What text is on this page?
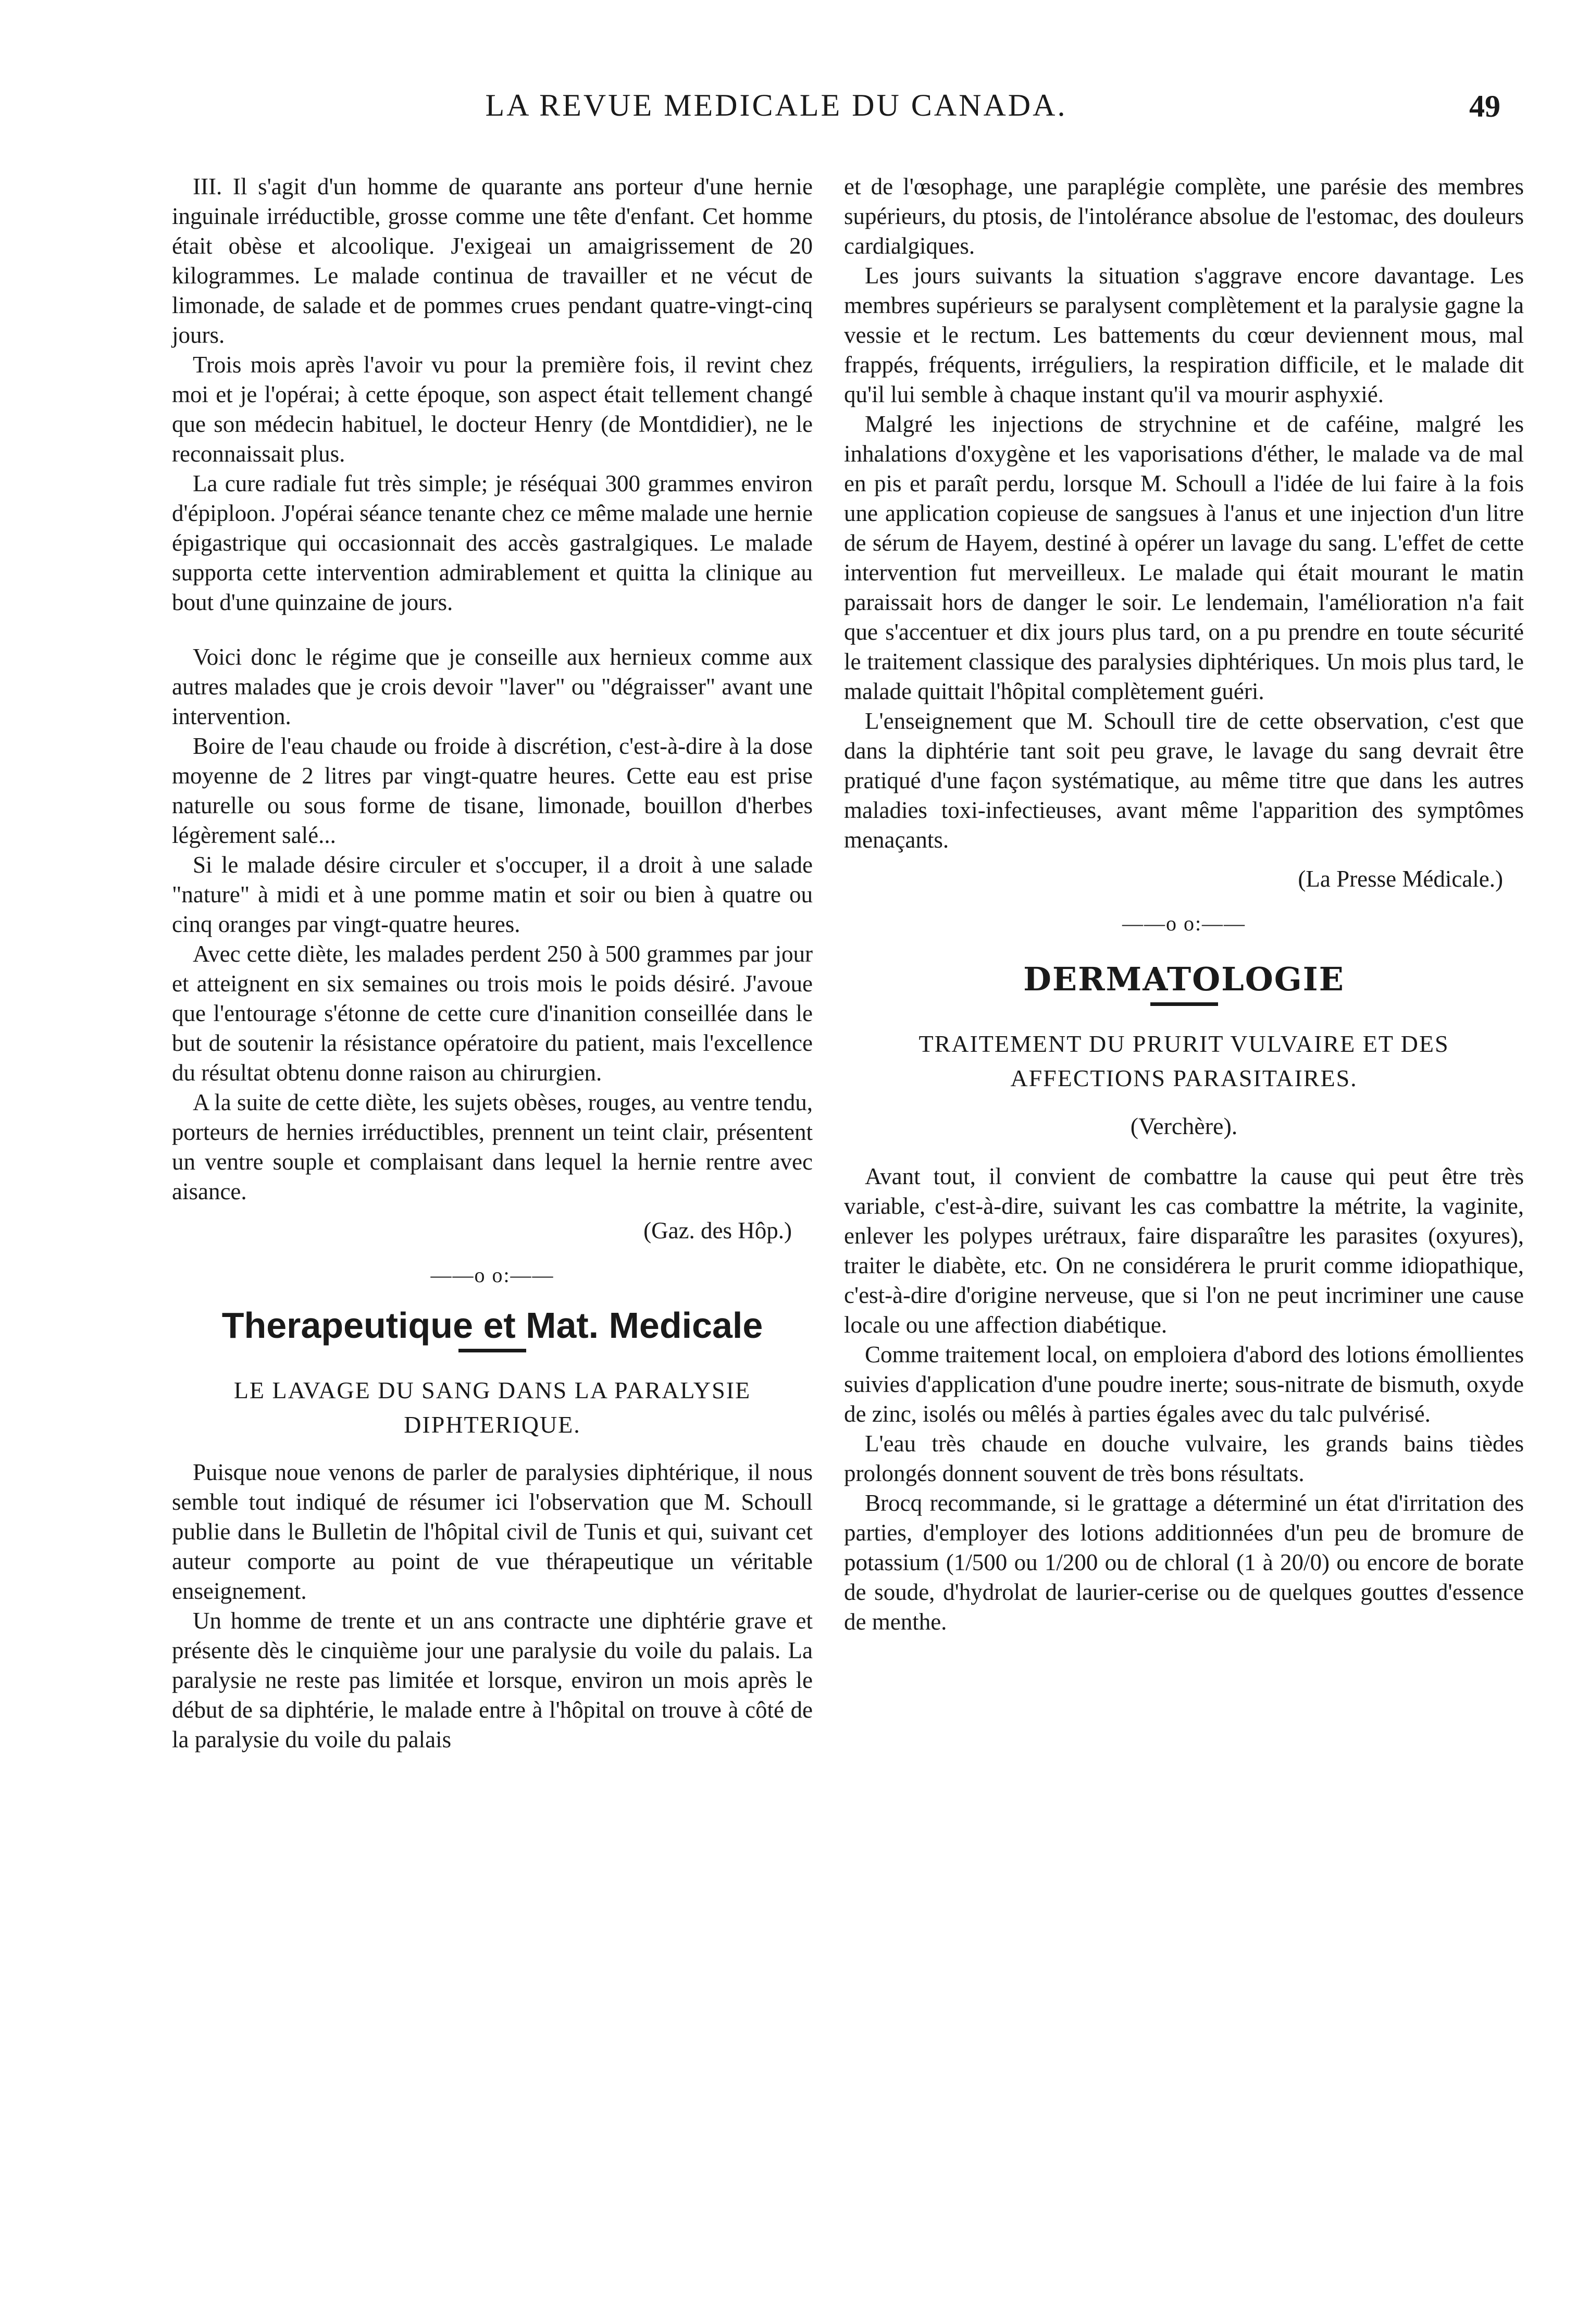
LA REVUE MEDICALE DU CANADA.	49

III. Il s'agit d'un homme de quarante ans porteur d'une hernie inguinale irréductible, grosse comme une tête d'enfant. Cet homme était obèse et alcoolique. J'exigeai un amaigrissement de 20 kilogrammes. Le malade continua de travailler et ne vécut de limonade, de salade et de pommes crues pendant quatre-vingt-cinq jours.

Trois mois après l'avoir vu pour la première fois, il revint chez moi et je l'opérai; à cette époque, son aspect était tellement changé que son médecin habituel, le docteur Henry (de Montdidier), ne le reconnaissait plus.

La cure radiale fut très simple; je réséquai 300 grammes environ d'épiploon. J'opérai séance tenante chez ce même malade une hernie épigastrique qui occasionnait des accès gastralgiques. Le malade supporta cette intervention admirablement et quitta la clinique au bout d'une quinzaine de jours.

Voici donc le régime que je conseille aux hernieux comme aux autres malades que je crois devoir "laver" ou "dégraisser" avant une intervention.

Boire de l'eau chaude ou froide à discrétion, c'est-à-dire à la dose moyenne de 2 litres par vingt-quatre heures. Cette eau est prise naturelle ou sous forme de tisane, limonade, bouillon d'herbes légèrement salé...

Si le malade désire circuler et s'occuper, il a droit à une salade "nature" à midi et à une pomme matin et soir ou bien à quatre ou cinq oranges par vingt-quatre heures.

Avec cette diète, les malades perdent 250 à 500 grammes par jour et atteignent en six semaines ou trois mois le poids désiré. J'avoue que l'entourage s'étonne de cette cure d'inanition conseillée dans le but de soutenir la résistance opératoire du patient, mais l'excellence du résultat obtenu donne raison au chirurgien.

A la suite de cette diète, les sujets obèses, rouges, au ventre tendu, porteurs de hernies irréductibles, prennent un teint clair, présentent un ventre souple et complaisant dans lequel la hernie rentre avec aisance.

(Gaz. des Hôp.)
——o o:——
Therapeutique et Mat. Medicale
LE LAVAGE DU SANG DANS LA PARALYSIE DIPHTERIQUE.

Puisque noue venons de parler de paralysies diphtérique, il nous semble tout indiqué de résumer ici l'observation que M. Schoull publie dans le Bulletin de l'hôpital civil de Tunis et qui, suivant cet auteur comporte au point de vue thérapeutique un véritable enseignement.

Un homme de trente et un ans contracte une diphtérie grave et présente dès le cinquième jour une paralysie du voile du palais. La paralysie ne reste pas limitée et lorsque, environ un mois après le début de sa diphtérie, le malade entre à l'hôpital on trouve à côté de la paralysie du voile du palais

et de l'œsophage, une paraplégie complète, une parésie des membres supérieurs, du ptosis, de l'intolérance absolue de l'estomac, des douleurs cardialgiques.

Les jours suivants la situation s'aggrave encore davantage. Les membres supérieurs se paralysent complètement et la paralysie gagne la vessie et le rectum. Les battements du cœur deviennent mous, mal frappés, fréquents, irréguliers, la respiration difficile, et le malade dit qu'il lui semble à chaque instant qu'il va mourir asphyxié.

Malgré les injections de strychnine et de caféine, malgré les inhalations d'oxygène et les vaporisations d'éther, le malade va de mal en pis et paraît perdu, lorsque M. Schoull a l'idée de lui faire à la fois une application copieuse de sangsues à l'anus et une injection d'un litre de sérum de Hayem, destiné à opérer un lavage du sang. L'effet de cette intervention fut merveilleux. Le malade qui était mourant le matin paraissait hors de danger le soir. Le lendemain, l'amélioration n'a fait que s'accentuer et dix jours plus tard, on a pu prendre en toute sécurité le traitement classique des paralysies diphtériques. Un mois plus tard, le malade quittait l'hôpital complètement guéri.

L'enseignement que M. Schoull tire de cette observation, c'est que dans la diphtérie tant soit peu grave, le lavage du sang devrait être pratiqué d'une façon systématique, au même titre que dans les autres maladies toxi-infectieuses, avant même l'apparition des symptômes menaçants.

(La Presse Médicale.)
——o o:——
DERMATOLOGIE
TRAITEMENT DU PRURIT VULVAIRE ET DES AFFECTIONS PARASITAIRES.
(Verchère).

Avant tout, il convient de combattre la cause qui peut être très variable, c'est-à-dire, suivant les cas combattre la métrite, la vaginite, enlever les polypes urétraux, faire disparaître les parasites (oxyures), traiter le diabète, etc. On ne considérera le prurit comme idiopathique, c'est-à-dire d'origine nerveuse, que si l'on ne peut incriminer une cause locale ou une affection diabétique.

Comme traitement local, on emploiera d'abord des lotions émollientes suivies d'application d'une poudre inerte; sous-nitrate de bismuth, oxyde de zinc, isolés ou mêlés à parties égales avec du talc pulvérisé.

L'eau très chaude en douche vulvaire, les grands bains tièdes prolongés donnent souvent de très bons résultats.

Brocq recommande, si le grattage a déterminé un état d'irritation des parties, d'employer des lotions additionnées d'un peu de bromure de potassium (1/500 ou 1/200 ou de chloral (1 à 20/0) ou encore de borate de soude, d'hydrolat de laurier-cerise ou de quelques gouttes d'essence de menthe.
